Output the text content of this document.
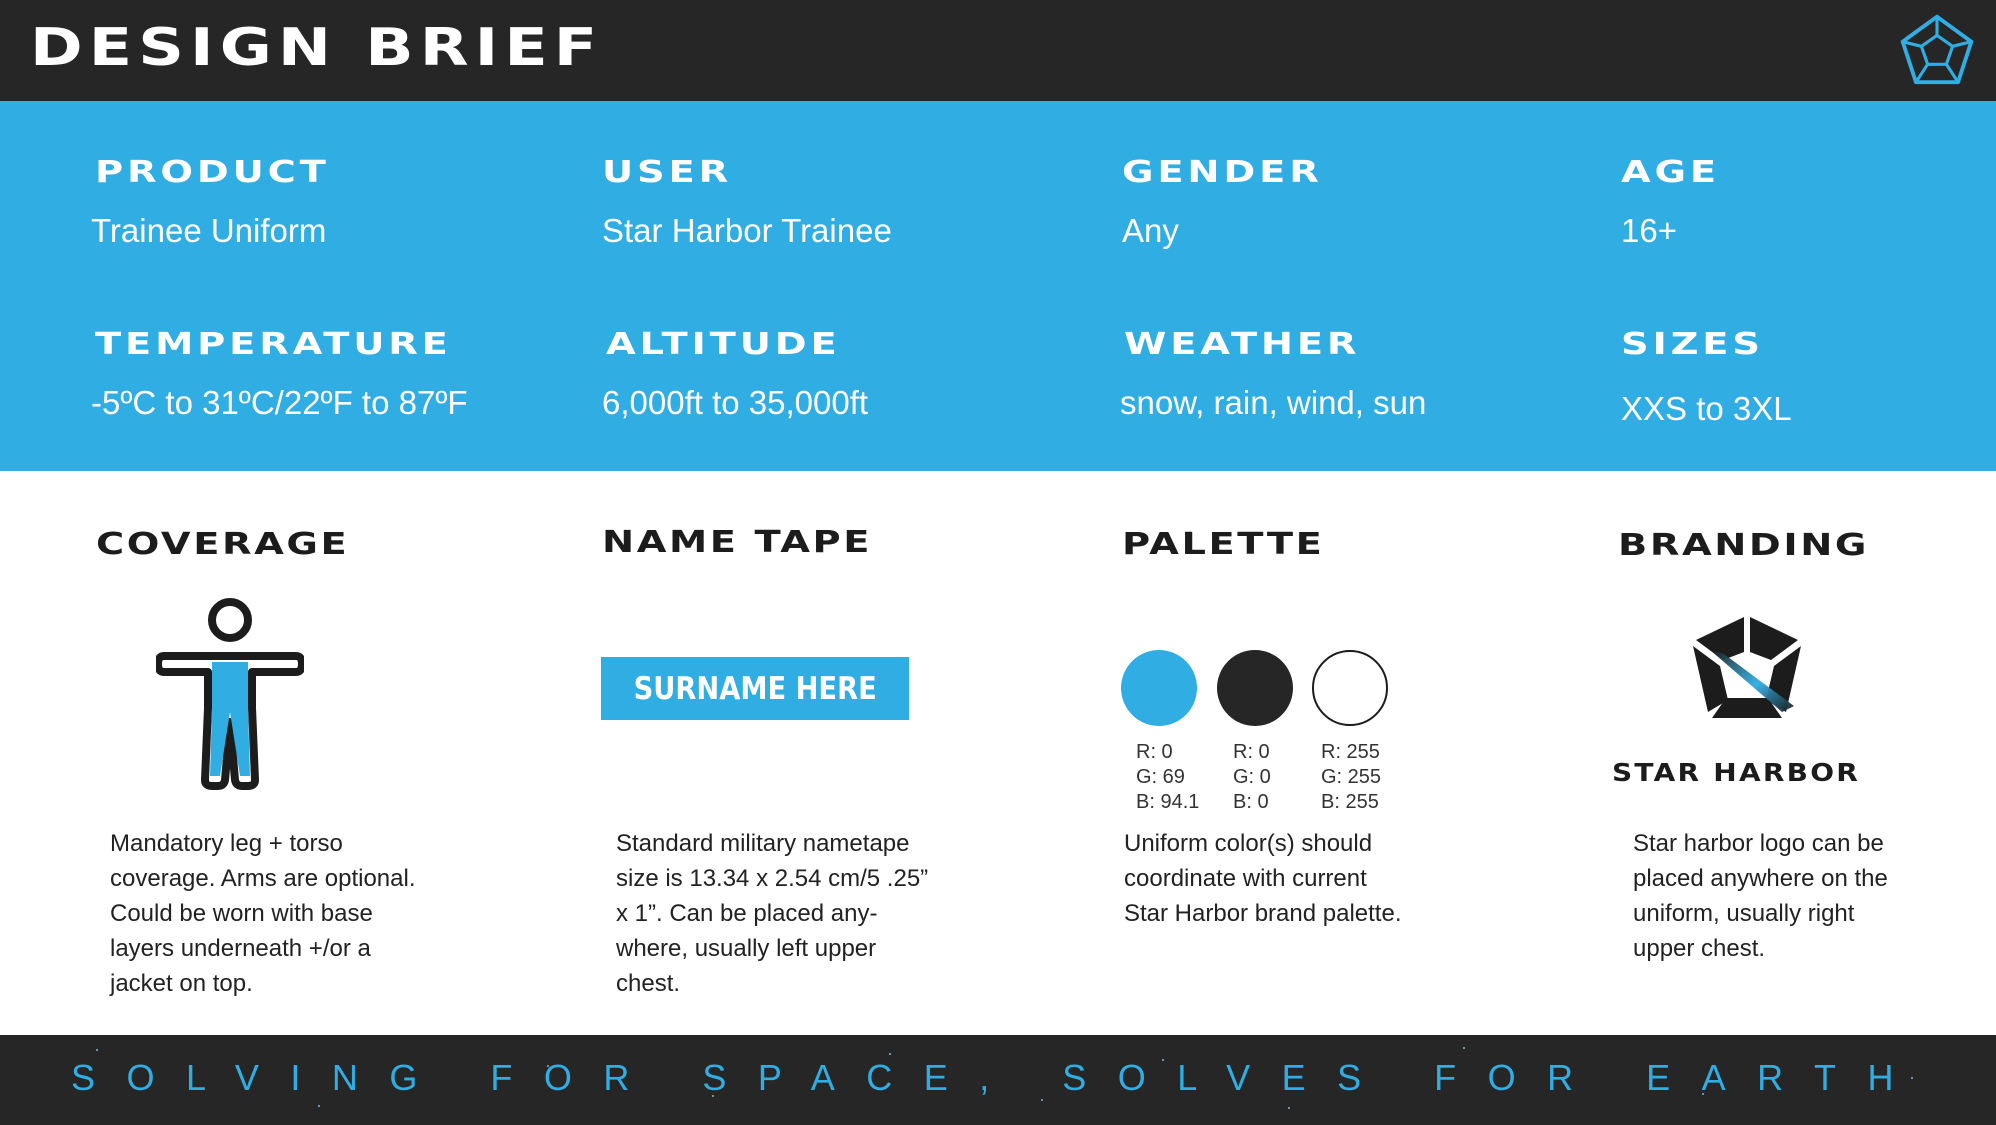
DESIGN BRIEF
PRODUCT
Trainee Uniform
USER
Star Harbor Trainee
GENDER
Any
AGE
16+
TEMPERATURE
-5ºC to 31ºC/22ºF to 87ºF
ALTITUDE
6,000ft to 35,000ft
WEATHER
snow, rain, wind, sun
SIZES
XXS to 3XL
COVERAGE
Mandatory leg + torso
coverage. Arms are optional.
Could be worn with base
layers underneath +/or a
jacket on top.
NAME TAPE
SURNAME HERE
Standard military nametape
size is 13.34 x 2.54 cm/5 .25”
x 1”. Can be placed any-
where, usually left upper
chest.
PALETTE
R: 0
G: 69
B: 94.1
R: 0
G: 0
B: 0
R: 255
G: 255
B: 255
Uniform color(s) should
coordinate with current
Star Harbor brand palette.
BRANDING
STAR HARBOR
Star harbor logo can be
placed anywhere on the
uniform, usually right
upper chest.
SOLVING FOR SPACE, SOLVES FOR EARTH
